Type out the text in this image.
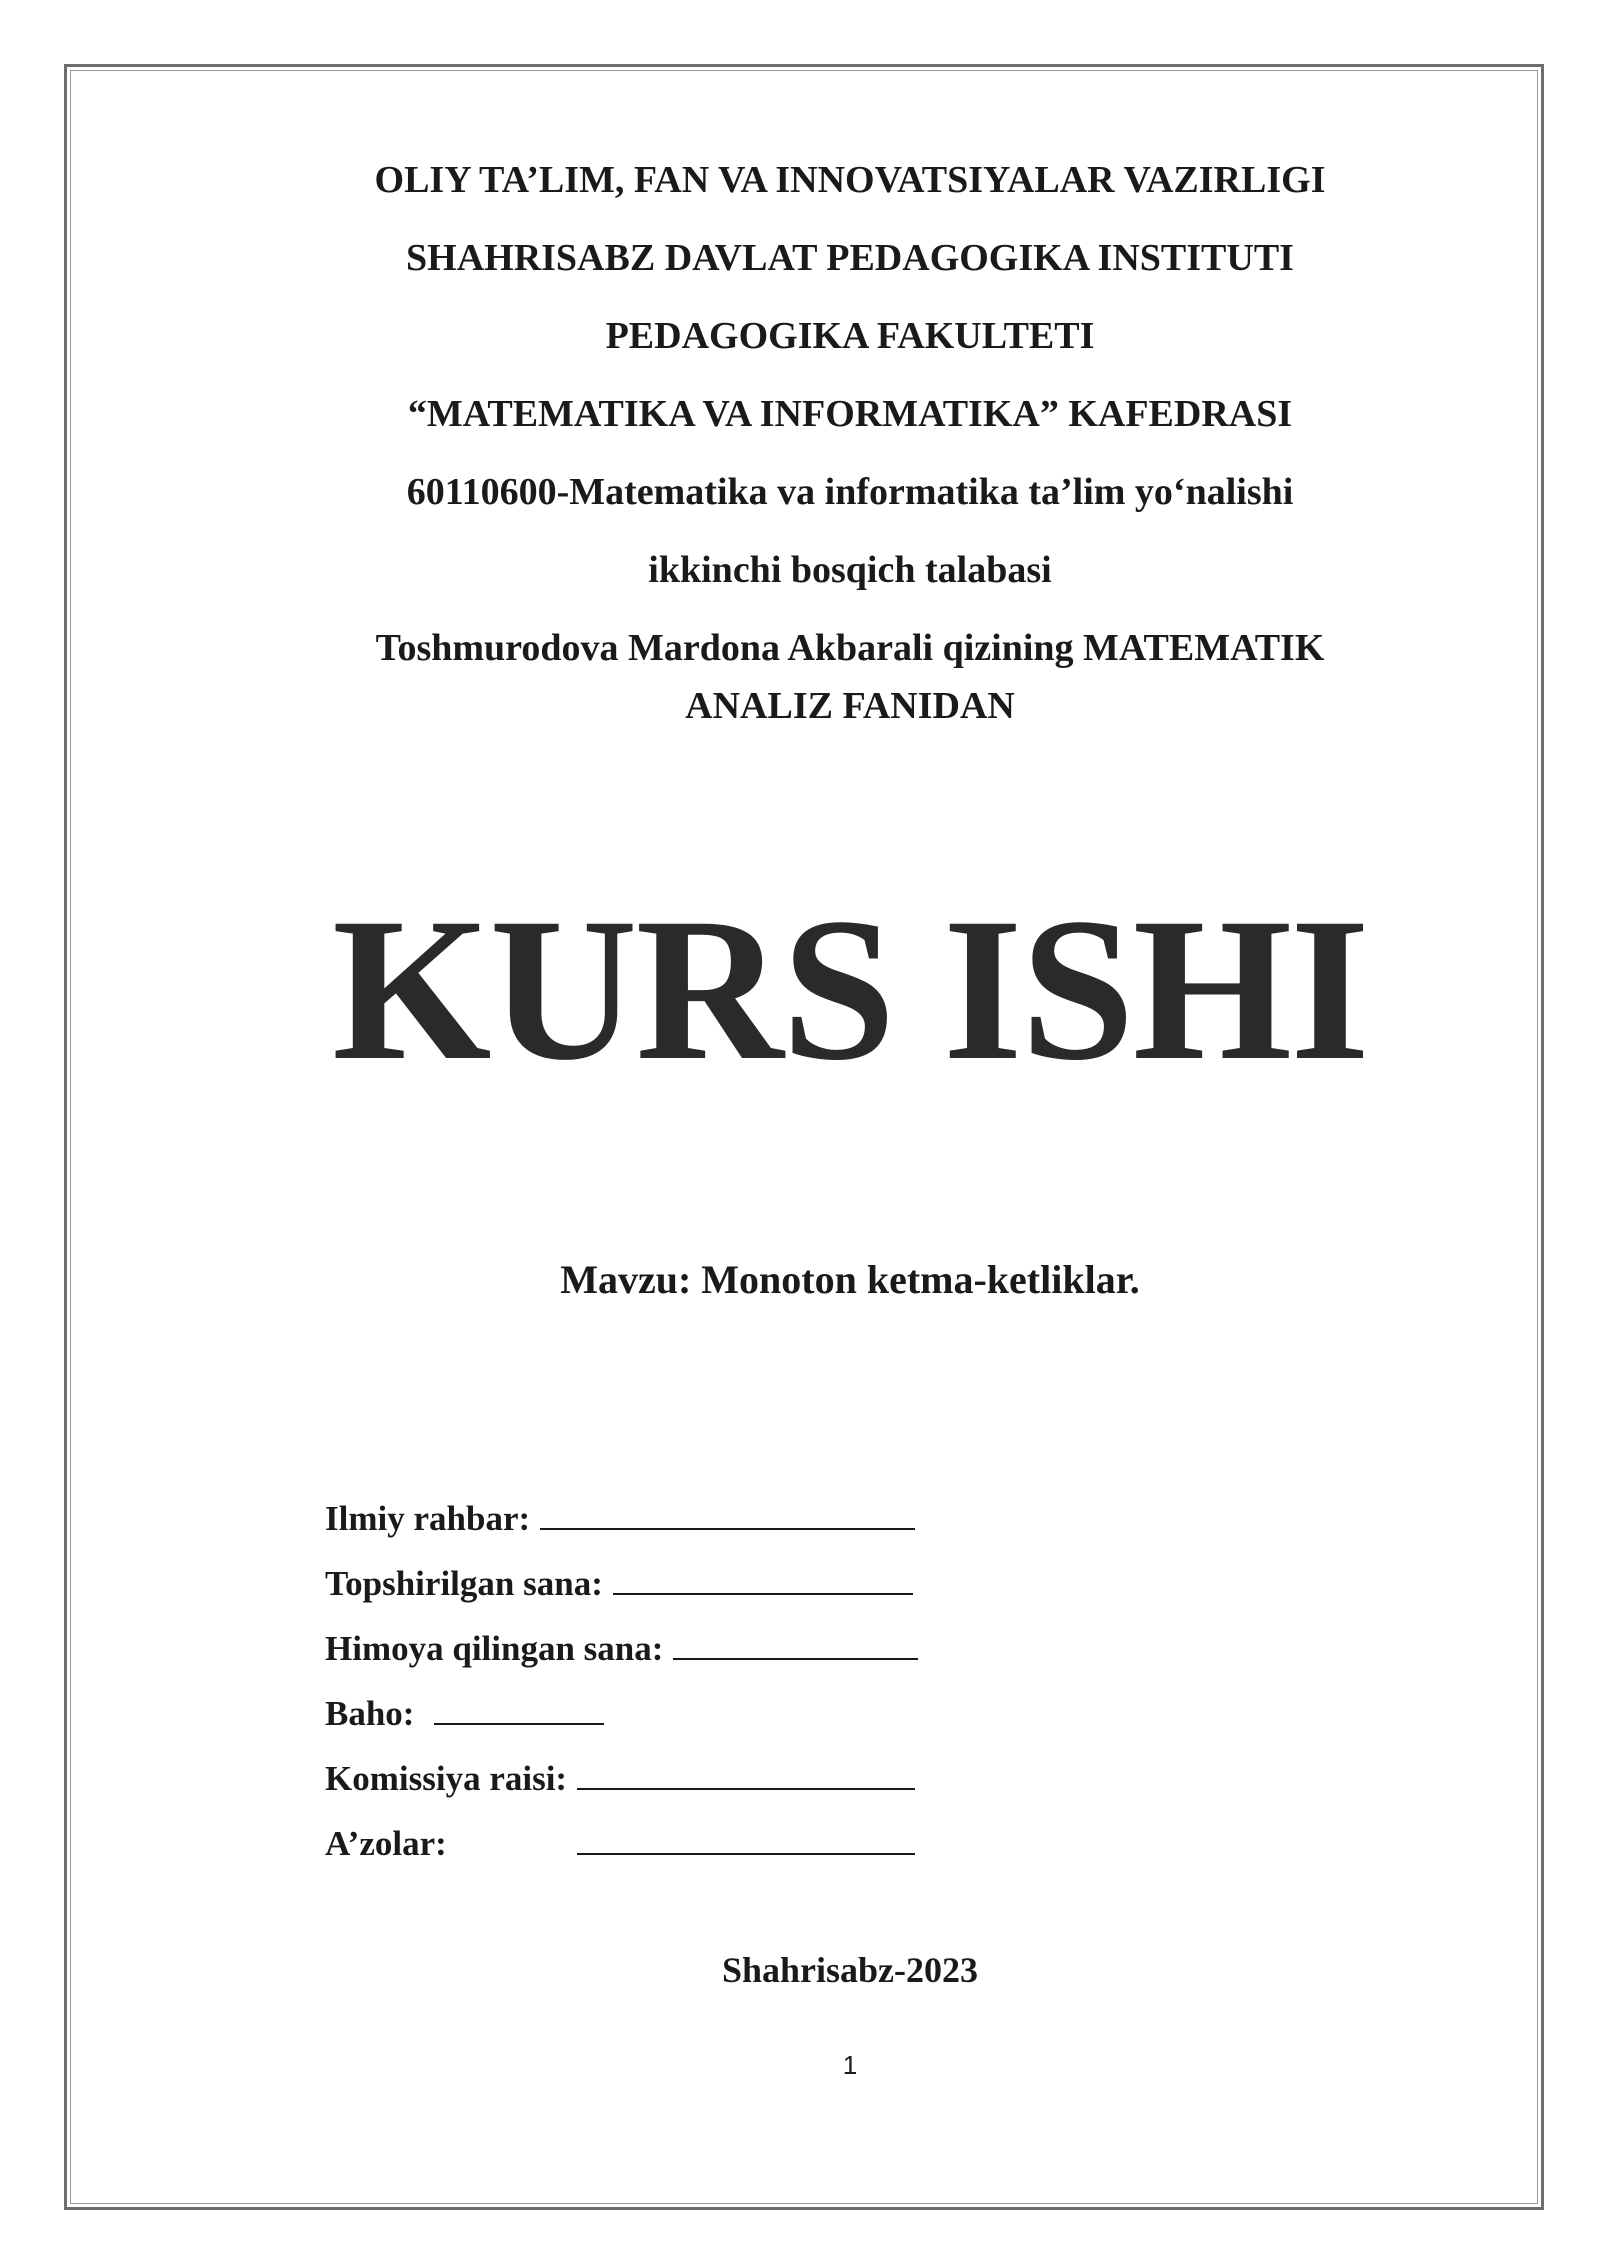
OLIY TA’LIM, FAN VA INNOVATSIYALAR VAZIRLIGI
SHAHRISABZ DAVLAT PEDAGOGIKA INSTITUTI
PEDAGOGIKA FAKULTETI
“MATEMATIKA VA INFORMATIKA” KAFEDRASI
60110600-Matematika va informatika ta’lim yo‘nalishi
ikkinchi bosqich talabasi
Toshmurodova Mardona Akbarali qizining MATEMATIK
ANALIZ FANIDAN
KURS ISHI
Mavzu: Monoton ketma-ketliklar.
Ilmiy rahbar:
Topshirilgan sana:
Himoya qilingan sana:
Baho:
Komissiya raisi:
A’zolar:
Shahrisabz-2023
1
